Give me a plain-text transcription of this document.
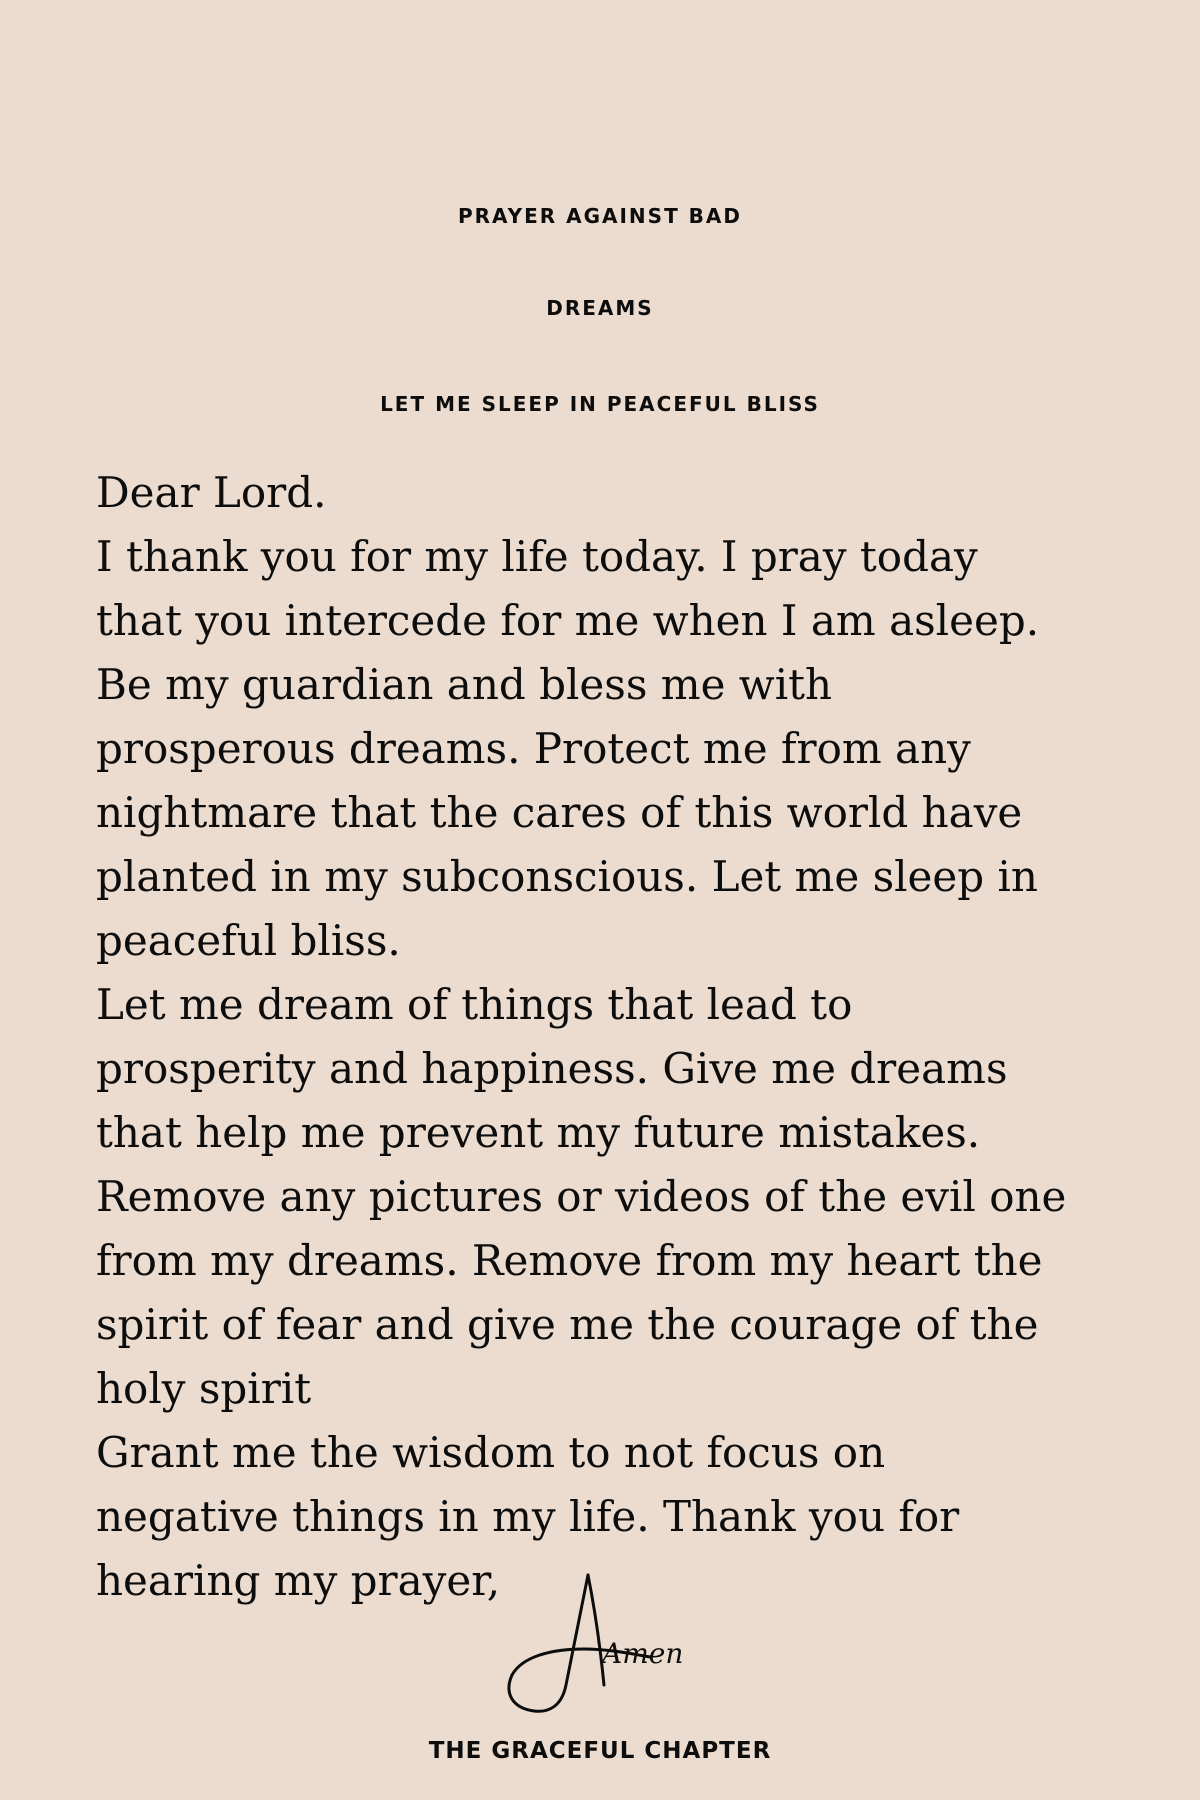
PRAYER AGAINST BAD
DREAMS
LET ME SLEEP IN PEACEFUL BLISS
Dear Lord.
I thank you for my life today. I pray today
that you intercede for me when I am asleep.
Be my guardian and bless me with
prosperous dreams. Protect me from any
nightmare that the cares of this world have
planted in my subconscious. Let me sleep in
peaceful bliss.
Let me dream of things that lead to
prosperity and happiness. Give me dreams
that help me prevent my future mistakes.
Remove any pictures or videos of the evil one
from my dreams. Remove from my heart the
spirit of fear and give me the courage of the
holy spirit
Grant me the wisdom to not focus on
negative things in my life. Thank you for
hearing my prayer,
Amen
THE GRACEFUL CHAPTER
